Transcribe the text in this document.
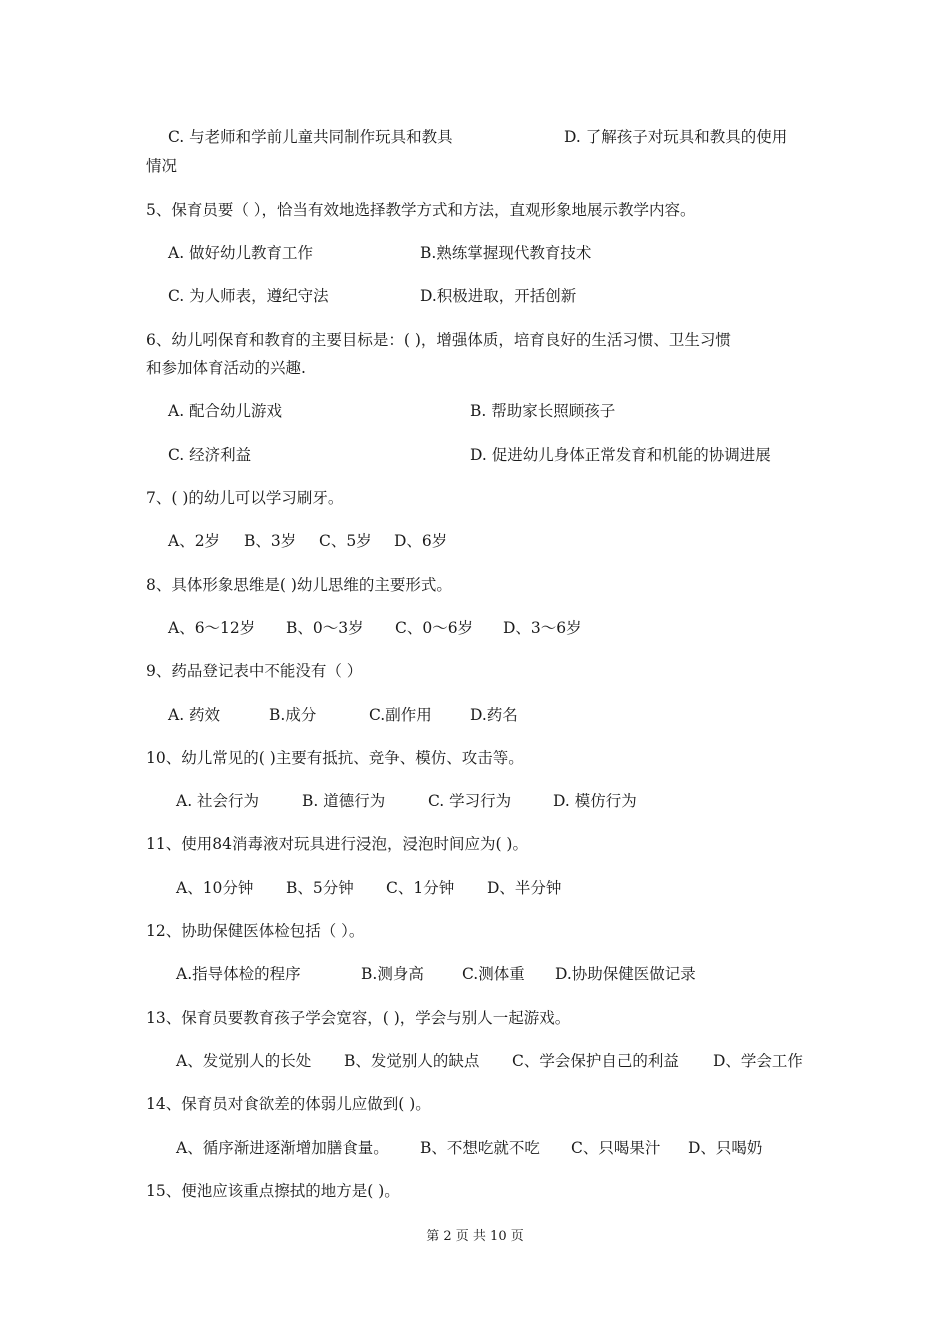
C. 与老师和学前儿童共同制作玩具和教具	D. 了解孩子对玩具和教具的使用
情况
5、保育员要（ ），恰当有效地选择教学方式和方法，直观形象地展示教学内容。
A. 做好幼儿教育工作	B.熟练掌握现代教育技术
C. 为人师表，遵纪守法	D.积极进取，开括创新
6、幼儿吲保育和教育的主要目标是：( )，增强体质，培育良好的生活习惯、卫生习惯
和参加体育活动的兴趣.
A. 配合幼儿游戏	B. 帮助家长照顾孩子
C. 经济利益	D. 促进幼儿身体正常发育和机能的协调进展
7、( )的幼儿可以学习刷牙。
A、2岁 B、3岁 C、5岁 D、6岁
8、具体形象思维是( )幼儿思维的主要形式。
A、6～12岁 B、0～3岁 C、0～6岁 D、3～6岁
9、药品登记表中不能没有（ ）
A. 药效	B.成分	C.副作用 D.药名
10、幼儿常见的( )主要有抵抗、竞争、模仿、攻击等。
A. 社会行为	B. 道德行为	C. 学习行为	D. 模仿行为
11、使用84消毒液对玩具进行浸泡，浸泡时间应为( )。
A、10分钟 B、5分钟 C、1分钟 D、半分钟
12、协助保健医体检包括（ ）。
A.指导体检的程序	B.测身高 C.测体重 D.协助保健医做记录
13、保育员要教育孩子学会宽容，( )，学会与别人一起游戏。
A、发觉别人的长处 B、发觉别人的缺点 C、学会保护自己的利益 D、学会工作
14、保育员对食欲差的体弱儿应做到( )。
A、循序渐进逐渐增加膳食量。 B、不想吃就不吃 C、只喝果汁 D、只喝奶
15、便池应该重点擦拭的地方是( )。
第 2 页 共 10 页
